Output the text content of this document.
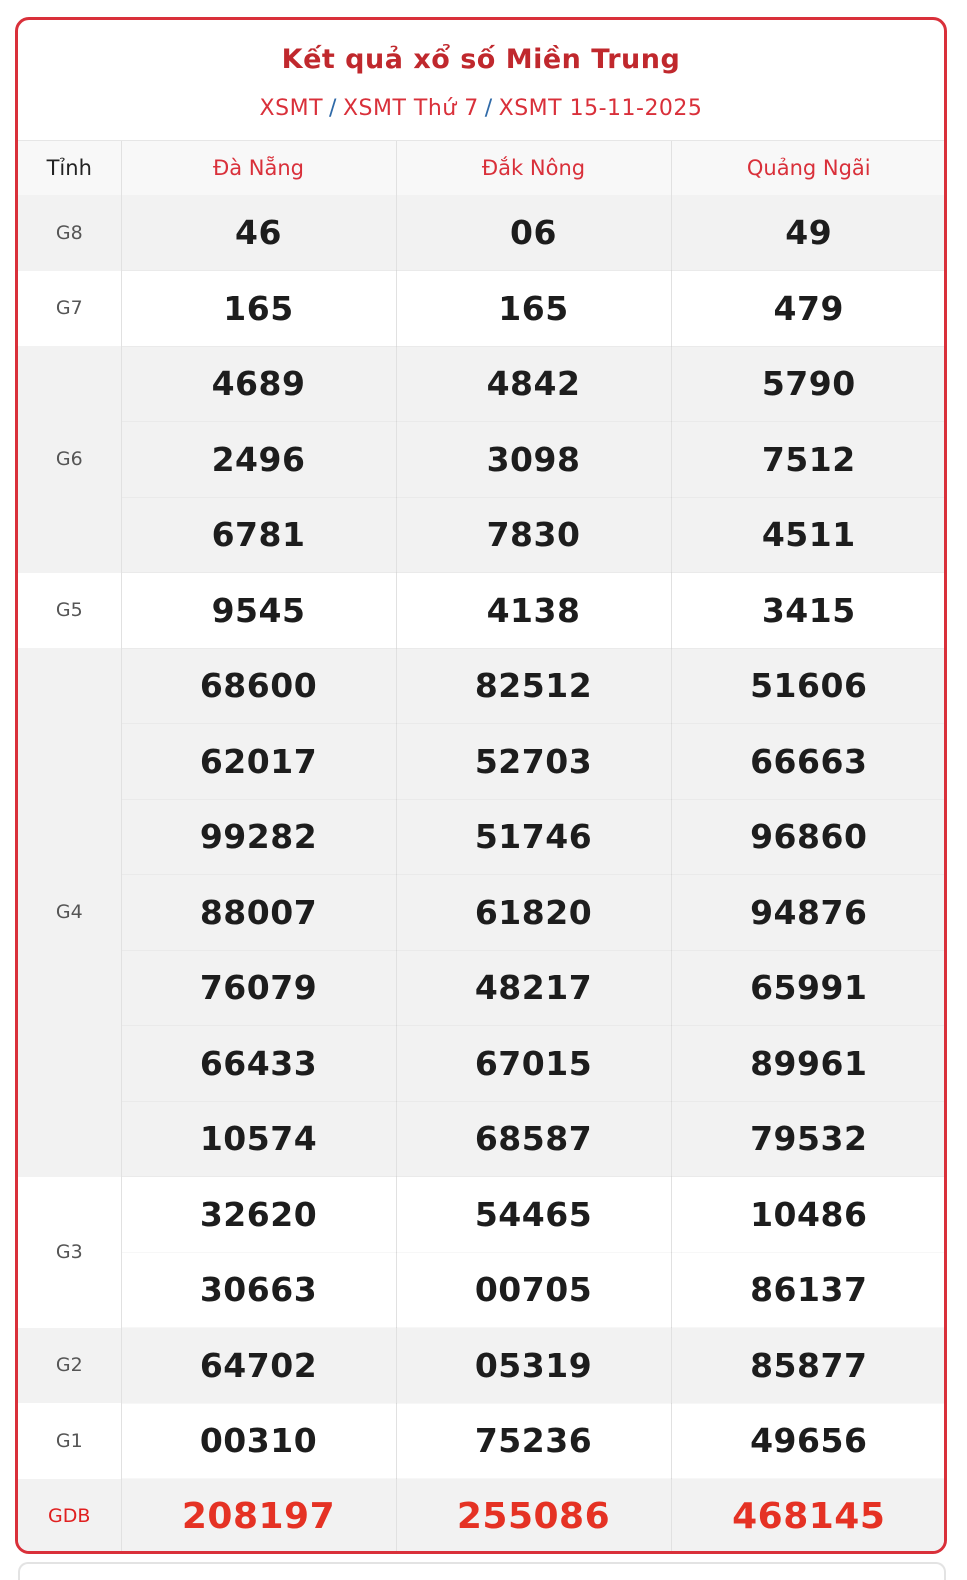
Kết quả xổ số Miền Trung
XSMT / XSMT Thứ 7 / XSMT 15-11-2025
Tỉnh	Đà Nẵng	Đắk Nông	Quảng Ngãi
G8	46	06	49
G7	165	165	479
G6	4689	4842	5790
	2496	3098	7512
	6781	7830	4511
G5	9545	4138	3415
G4	68600	82512	51606
	62017	52703	66663
	99282	51746	96860
	88007	61820	94876
	76079	48217	65991
	66433	67015	89961
	10574	68587	79532
G3	32620	54465	10486
	30663	00705	86137
G2	64702	05319	85877
G1	00310	75236	49656
GDB	208197	255086	468145
